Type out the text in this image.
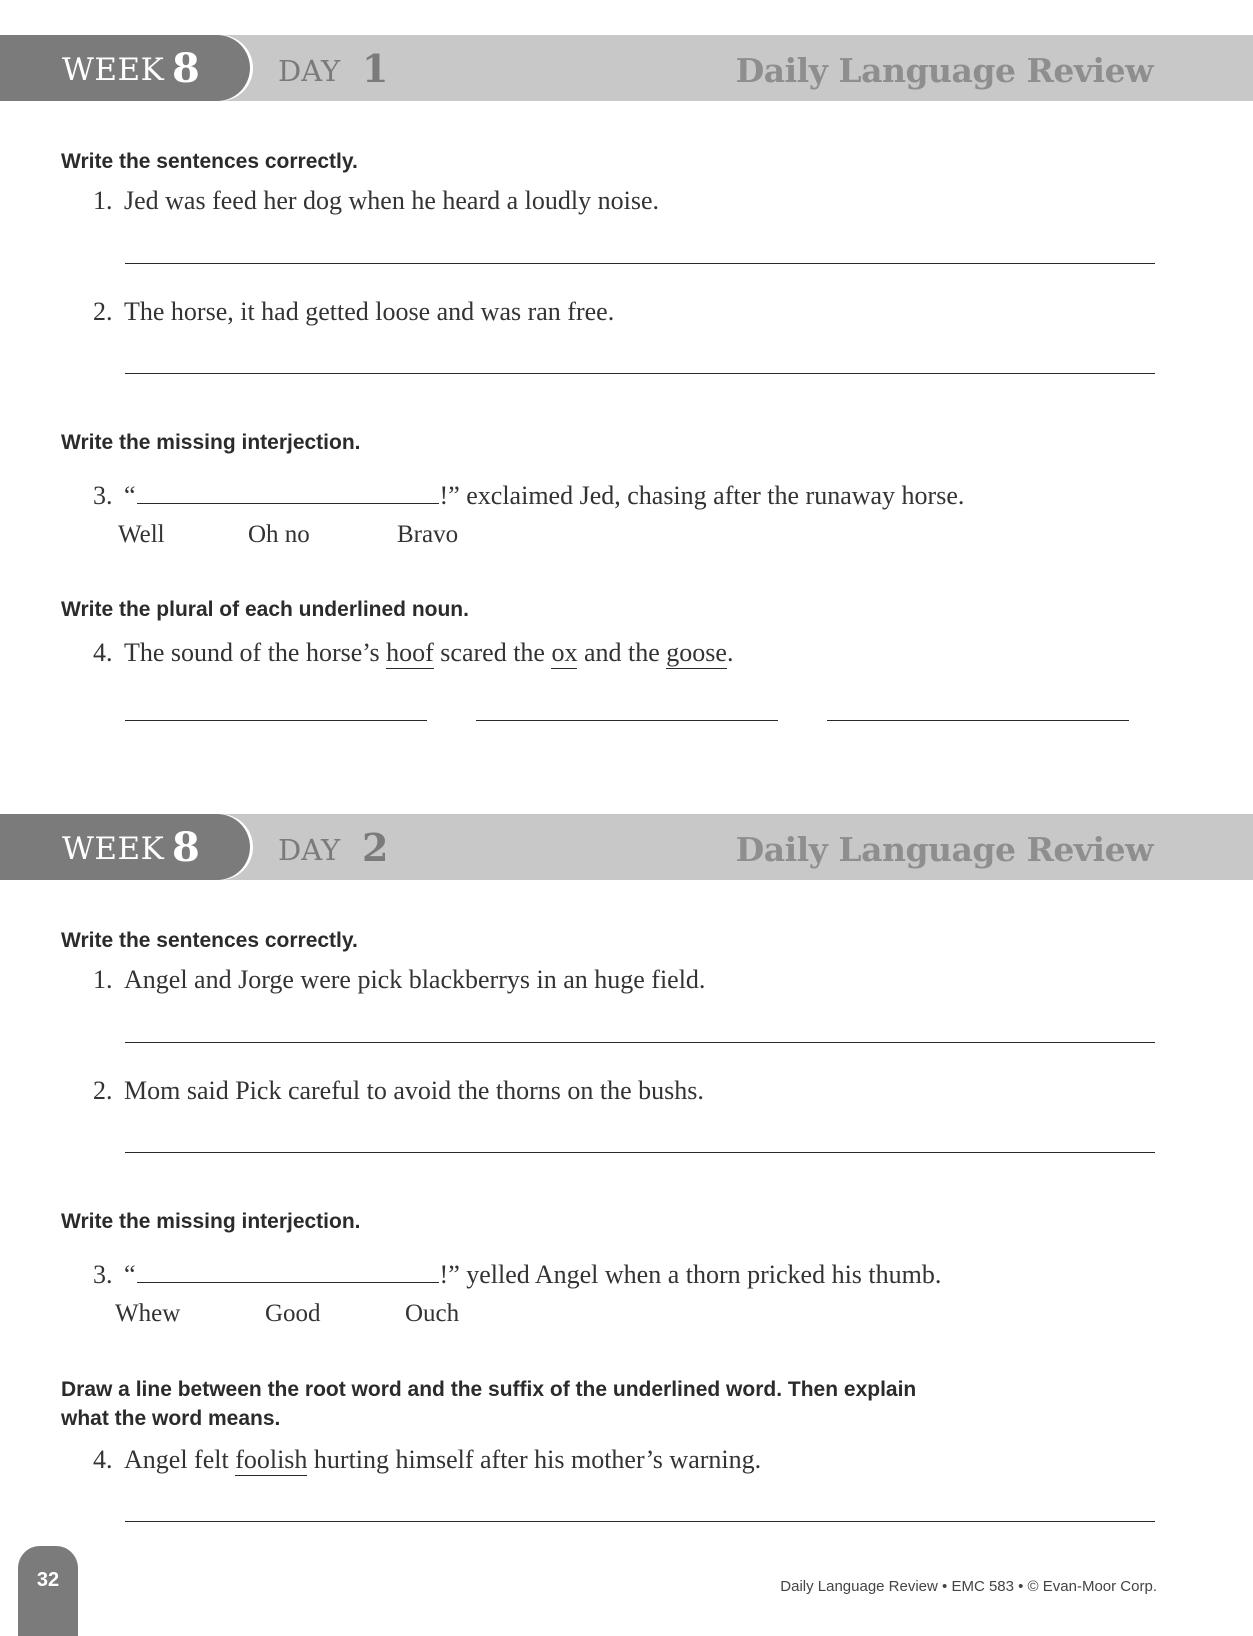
WEEK 8	DAY 1	Daily Language Review
Write the sentences correctly.
1. Jed was feed her dog when he heard a loudly noise.
2. The horse, it had getted loose and was ran free.
Write the missing interjection.
3. “	!” exclaimed Jed, chasing after the runaway horse.
Well	Oh no	Bravo
Write the plural of each underlined noun.
4. The sound of the horse’s hoof scared the ox and the goose.
WEEK 8	DAY 2	Daily Language Review
Write the sentences correctly.
1. Angel and Jorge were pick blackberrys in an huge field.
2. Mom said Pick careful to avoid the thorns on the bushs.
Write the missing interjection.
3. “	!” yelled Angel when a thorn pricked his thumb.
Whew	Good	Ouch
Draw a line between the root word and the suffix of the underlined word. Then explain
what the word means.
4. Angel felt foolish hurting himself after his mother’s warning.
32	Daily Language Review • EMC 583 • © Evan-Moor Corp.
